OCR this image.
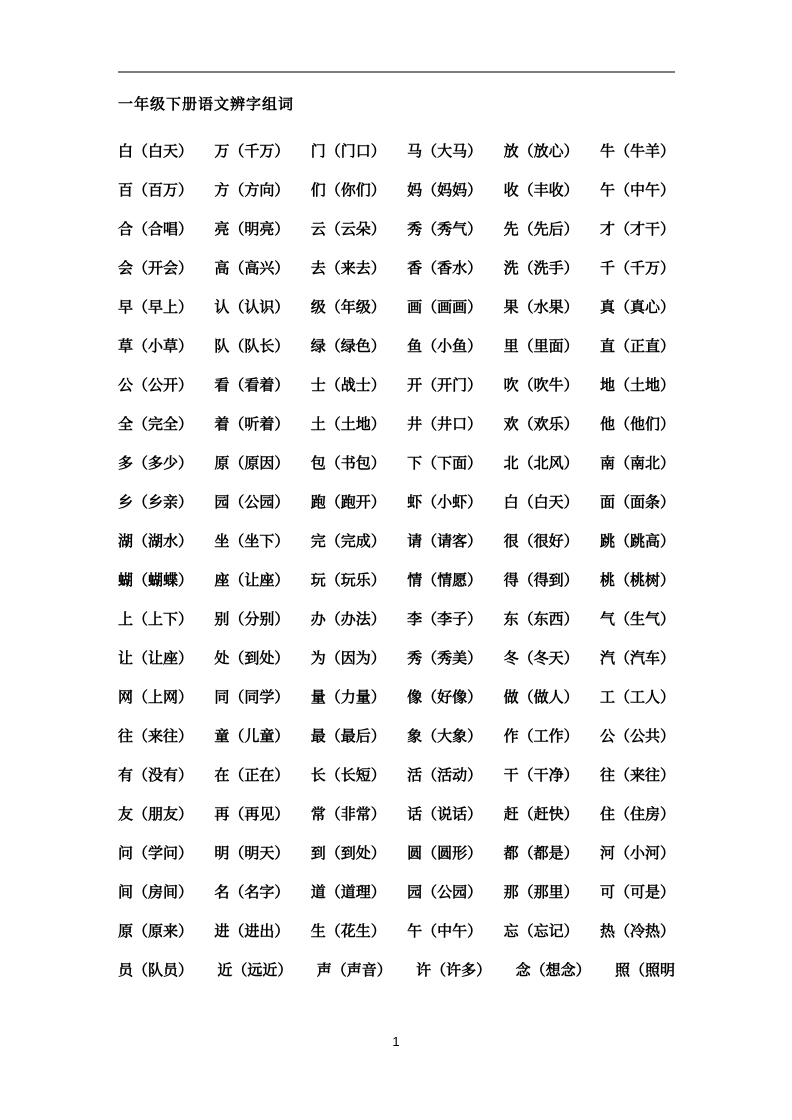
一年级下册语文辨字组词
白（白天） 万（千万） 门（门口） 马（大马） 放（放心） 牛（牛羊）
百（百万） 方（方向） 们（你们） 妈（妈妈） 收（丰收） 午（中午）
合（合唱） 亮（明亮） 云（云朵） 秀（秀气） 先（先后） 才（才干）
会（开会） 高（高兴） 去（来去） 香（香水） 洗（洗手） 千（千万）
早（早上） 认（认识） 级（年级） 画（画画） 果（水果） 真（真心）
草（小草） 队（队长） 绿（绿色） 鱼（小鱼） 里（里面） 直（正直）
公（公开） 看（看着） 士（战士） 开（开门） 吹（吹牛） 地（土地）
全（完全） 着（听着） 土（土地） 井（井口） 欢（欢乐） 他（他们）
多（多少） 原（原因） 包（书包） 下（下面） 北（北风） 南（南北）
乡（乡亲） 园（公园） 跑（跑开） 虾（小虾） 白（白天） 面（面条）
湖（湖水） 坐（坐下） 完（完成） 请（请客） 很（很好） 跳（跳高）
蝴（蝴蝶） 座（让座） 玩（玩乐） 情（情愿） 得（得到） 桃（桃树）
上（上下） 别（分别） 办（办法） 李（李子） 东（东西） 气（生气）
让（让座） 处（到处） 为（因为） 秀（秀美） 冬（冬天） 汽（汽车）
网（上网） 同（同学） 量（力量） 像（好像） 做（做人） 工（工人）
往（来往） 童（儿童） 最（最后） 象（大象） 作（工作） 公（公共）
有（没有） 在（正在） 长（长短） 活（活动） 干（干净） 往（来往）
友（朋友） 再（再见） 常（非常） 话（说话） 赶（赶快） 住（住房）
问（学问） 明（明天） 到（到处） 圆（圆形） 都（都是） 河（小河）
间（房间） 名（名字） 道（道理） 园（公园） 那（那里） 可（可是）
原（原来） 进（进出） 生（花生） 午（中午） 忘（忘记） 热（冷热）
员（队员） 近（远近） 声（声音） 许（许多） 念（想念） 照（照明
1
